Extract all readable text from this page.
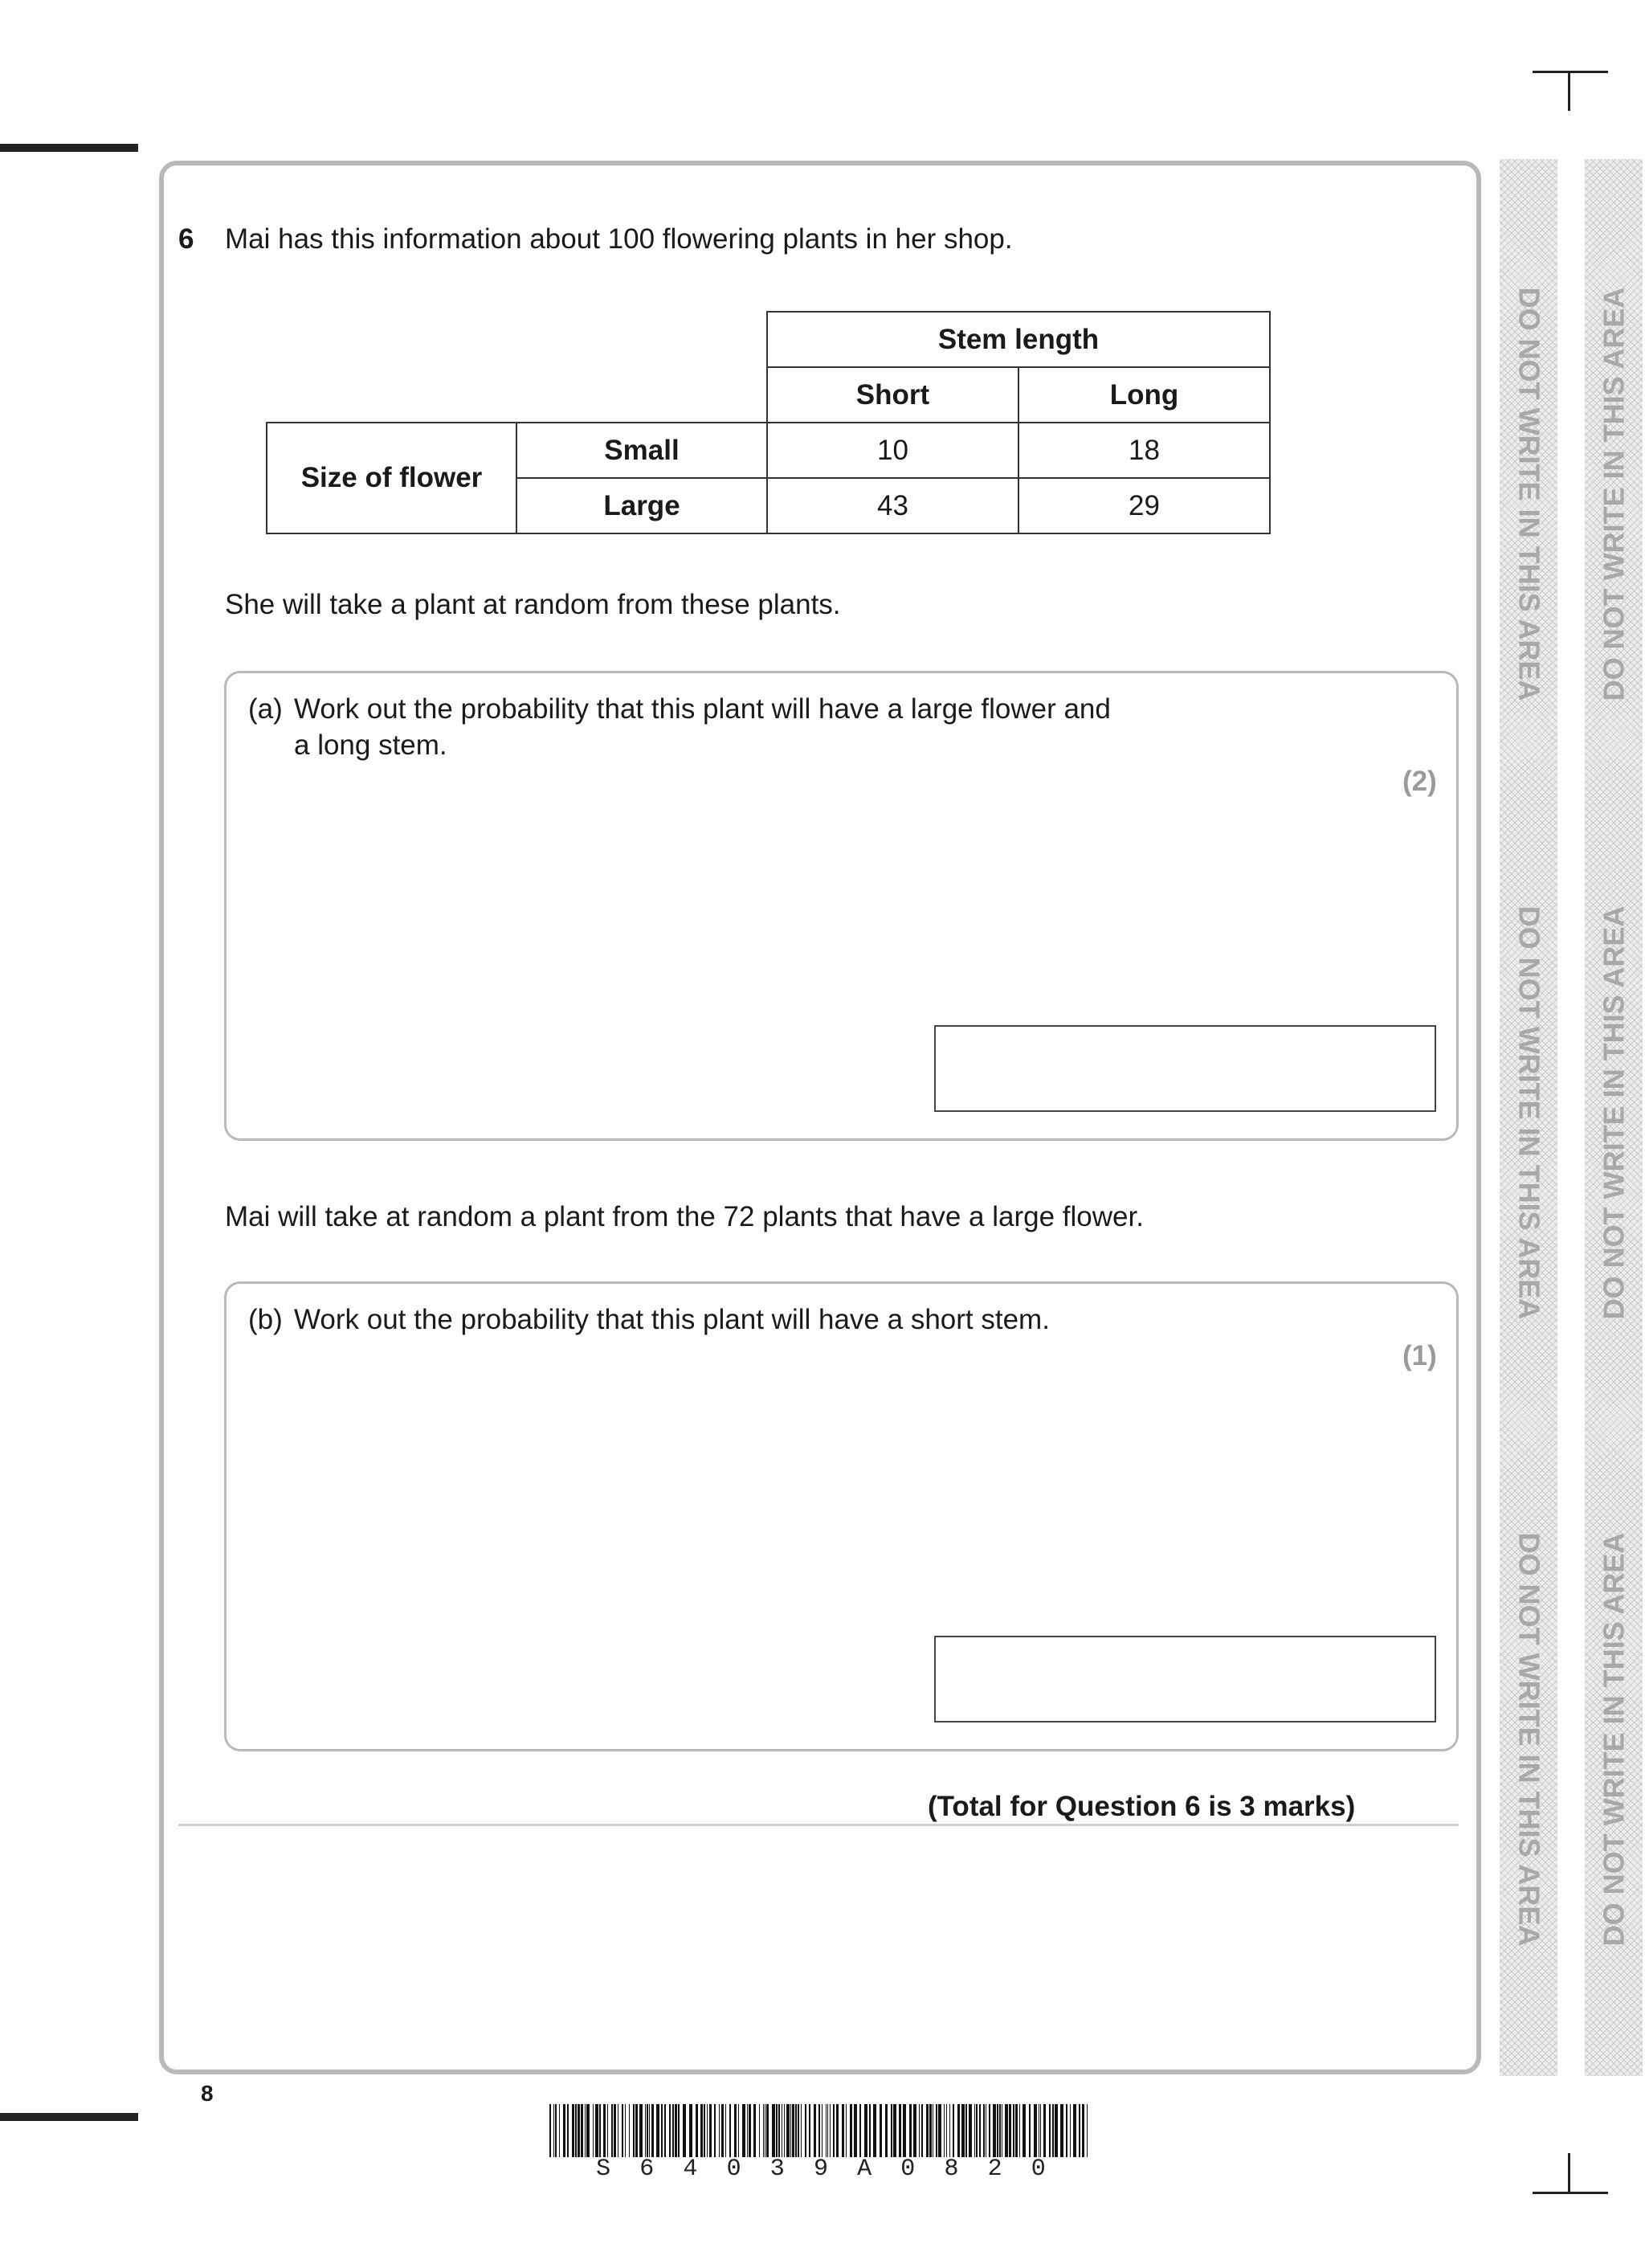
DO NOT WRITE IN THIS AREA
DO NOT WRITE IN THIS AREA
DO NOT WRITE IN THIS AREA
DO NOT WRITE IN THIS AREA
DO NOT WRITE IN THIS AREA
DO NOT WRITE IN THIS AREA
6 Mai has this information about 100 flowering plants in her shop.
		Stem length	
		Short	Long
Size of flower	Small	10	18
	Large	43	29
She will take a plant at random from these plants.
(a) Work out the probability that this plant will have a large flower and
a long stem.
(2)
Mai will take at random a plant from the 72 plants that have a large flower.
(b) Work out the probability that this plant will have a short stem.
(1)
(Total for Question 6 is 3 marks)
8
S 6 4 0 3 9 A 0 8 2 0
